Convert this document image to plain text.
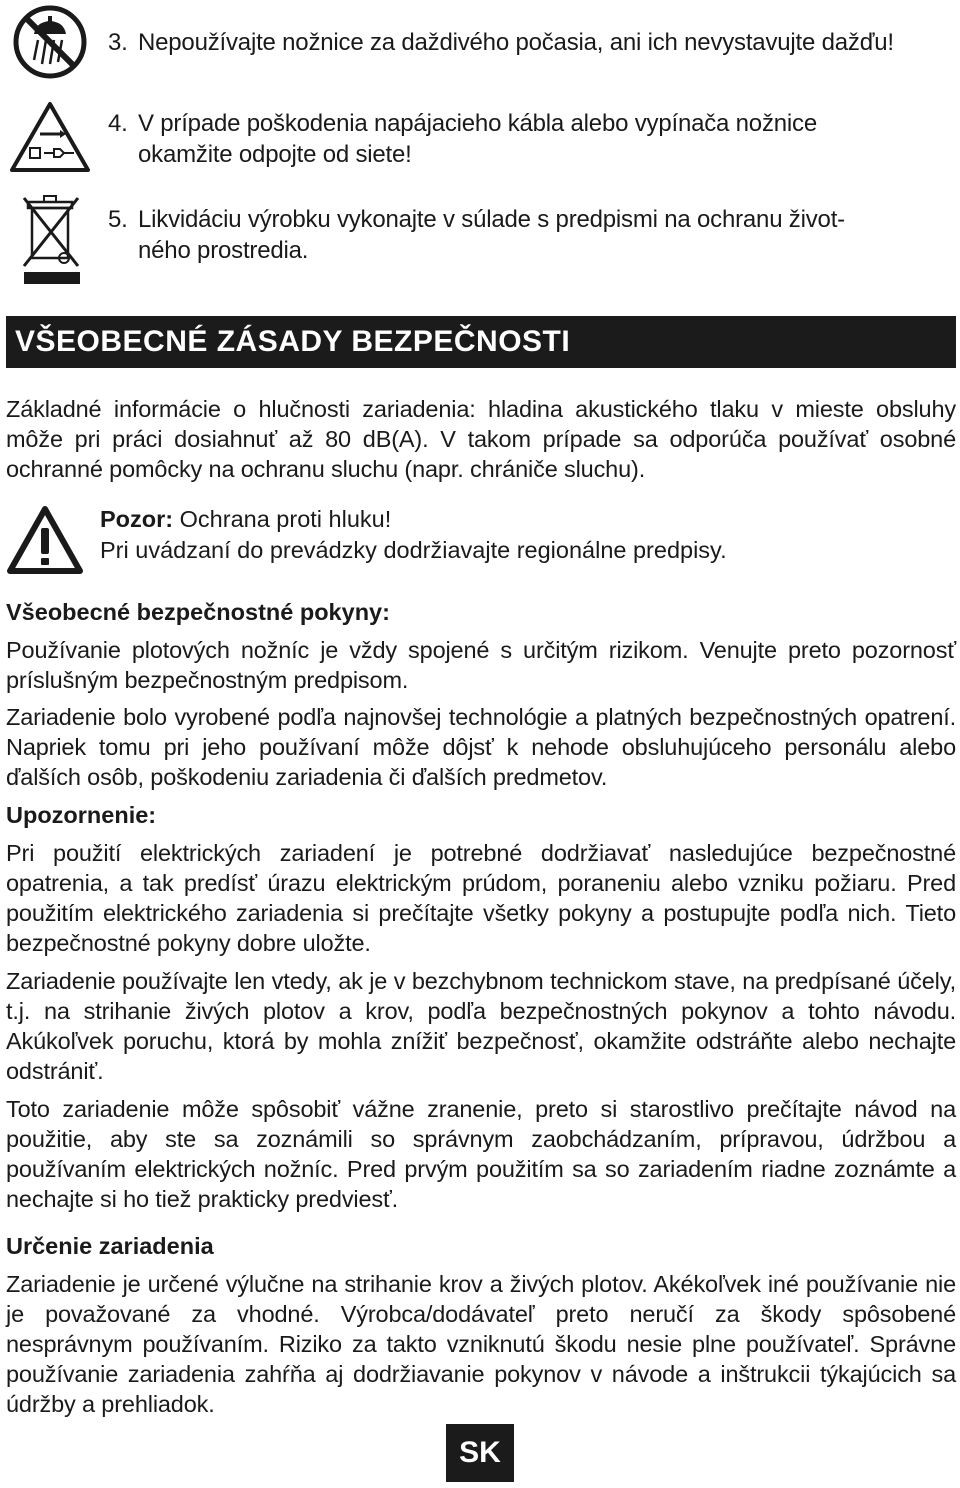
3. Nepoužívajte nožnice za daždivého počasia, ani ich nevystavujte dažďu!
4. V prípade poškodenia napájacieho kábla alebo vypínača nožnice
okamžite odpojte od siete!
5. Likvidáciu výrobku vykonajte v súlade s predpismi na ochranu život-
ného prostredia.
VŠEOBECNÉ ZÁSADY BEZPEČNOSTI

Základné informácie o hlučnosti zariadenia: hladina akustického tlaku v mieste obsluhy môže pri práci dosiahnuť až 80 dB(A). V takom prípade sa odporúča používať osobné ochranné pomôcky na ochranu sluchu (napr. chrániče sluchu).

Pozor: Ochrana proti hluku!
Pri uvádzaní do prevádzky dodržiavajte regionálne predpisy.
Všeobecné bezpečnostné pokyny:

Používanie plotových nožníc je vždy spojené s určitým rizikom. Venujte preto pozornosť príslušným bezpečnostným predpisom.

Zariadenie bolo vyrobené podľa najnovšej technológie a platných bezpečnostných opatrení. Napriek tomu pri jeho používaní môže dôjsť k nehode obsluhujúceho personálu alebo ďalších osôb, poškodeniu zariadenia či ďalších predmetov.

Upozornenie:

Pri použití elektrických zariadení je potrebné dodržiavať nasledujúce bezpečnostné opatrenia, a tak predísť úrazu elektrickým prúdom, poraneniu alebo vzniku požiaru. Pred použitím elektrického zariadenia si prečítajte všetky pokyny a postupujte podľa nich. Tieto bezpečnostné pokyny dobre uložte.

Zariadenie používajte len vtedy, ak je v bezchybnom technickom stave, na predpísané účely, t.j. na strihanie živých plotov a krov, podľa bezpečnostných pokynov a tohto návodu. Akúkoľvek poruchu, ktorá by mohla znížiť bezpečnosť, okamžite odstráňte alebo nechajte odstrániť.

Toto zariadenie môže spôsobiť vážne zranenie, preto si starostlivo prečítajte návod na použitie, aby ste sa zoznámili so správnym zaobchádzaním, prípravou, údržbou a používaním elektrických nožníc. Pred prvým použitím sa so zariadením riadne zoznámte a nechajte si ho tiež prakticky predviesť.

Určenie zariadenia

Zariadenie je určené výlučne na strihanie krov a živých plotov. Akékoľvek iné používanie nie je považované za vhodné. Výrobca/dodávateľ preto neručí za škody spôsobené nesprávnym používaním. Riziko za takto vzniknutú škodu nesie plne používateľ. Správne používanie zariadenia zahŕňa aj dodržiavanie pokynov v návode a inštrukcii týkajúcich sa údržby a prehliadok.

SK
